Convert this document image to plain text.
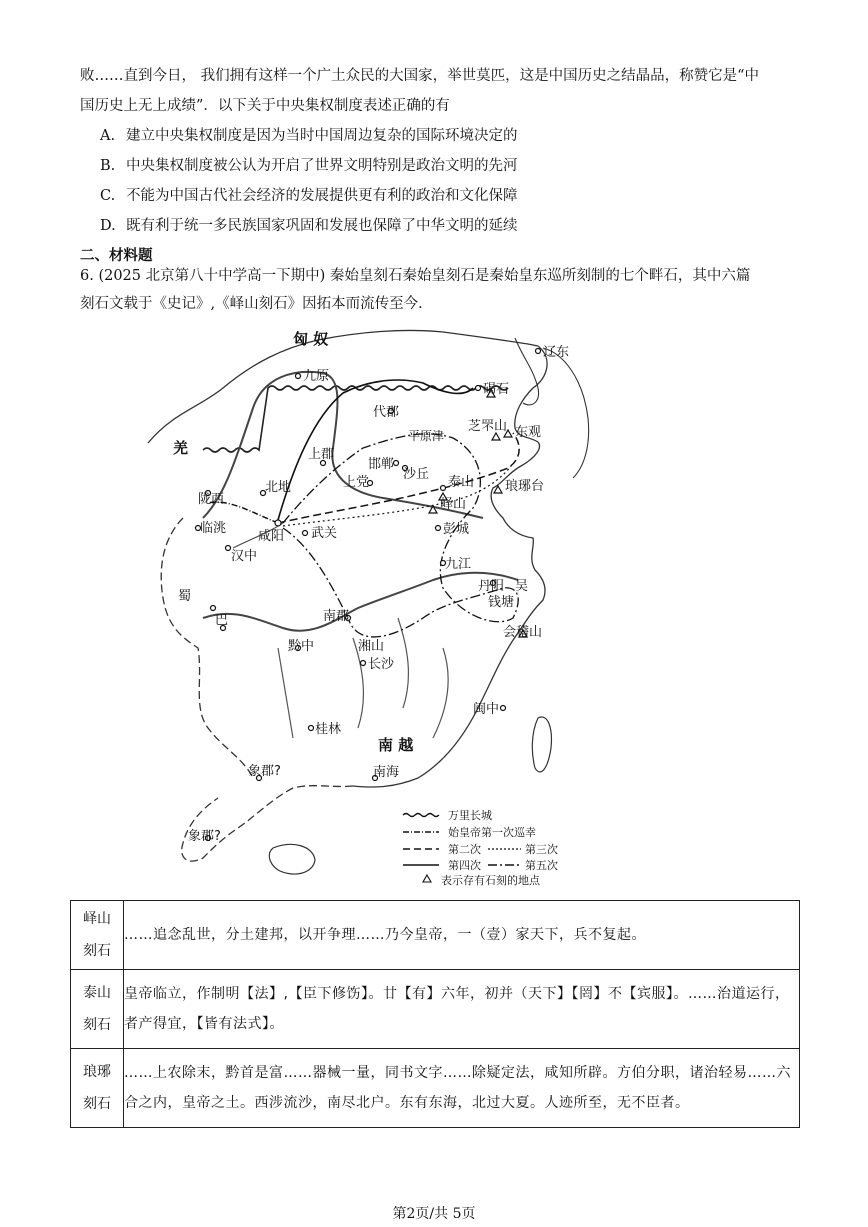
败……直到今日， 我们拥有这样一个广土众民的大国家，举世莫匹，这是中国历史之结晶品，称赞它是“中
国历史上无上成绩”．以下关于中央集权制度表述正确的有
A. 建立中央集权制度是因为当时中国周边复杂的国际环境决定的
B. 中央集权制度被公认为开启了世界文明特别是政治文明的先河
C. 不能为中国古代社会经济的发展提供更有利的政治和文化保障
D. 既有利于统一多民族国家巩固和发展也保障了中华文明的延续
二、材料题
6. (2025 北京第八十中学高一下期中) 秦始皇刻石秦始皇刻石是秦始皇东巡所刻制的七个畔石，其中六篇
刻石文载于《史记》,《峄山刻石》因拓本而流传至今．
匈 奴
辽东
九原
碣石
代郡
羌
芝罘山 东观
平原津
上郡
邯郸
沙丘
上党	泰山 琅琊台
陇西
北地
峄山
临洮
咸阳 武关	彭城
汉中
九江
丹阳 吴
钱塘
蜀
巴	南郡
会稽山
黔中	湘山
长沙
闽中
桂林
南 越
象郡?	南海
象郡?
万里长城
始皇帝第一次巡幸
第二次	第三次
第四次	第五次
表示存有石刻的地点
峄山
刻石	……追念乱世，分土建邦，以开争理……乃今皇帝，一（壹）家天下，兵不复起。

泰山
刻石	皇帝临立，作制明【法】,【臣下修饬】。廿【有】六年，初并（天下】【罔】不【宾服】。……治道运行，者产得宜，【皆有法式】。

琅琊
刻石	……上农除末，黔首是富……器械一量，同书文字……除疑定法，咸知所辟。方伯分职，诸治轻易……六合之内，皇帝之土。西涉流沙，南尽北户。东有东海，北过大夏。人迹所至，无不臣者。
第2页/共 5页
